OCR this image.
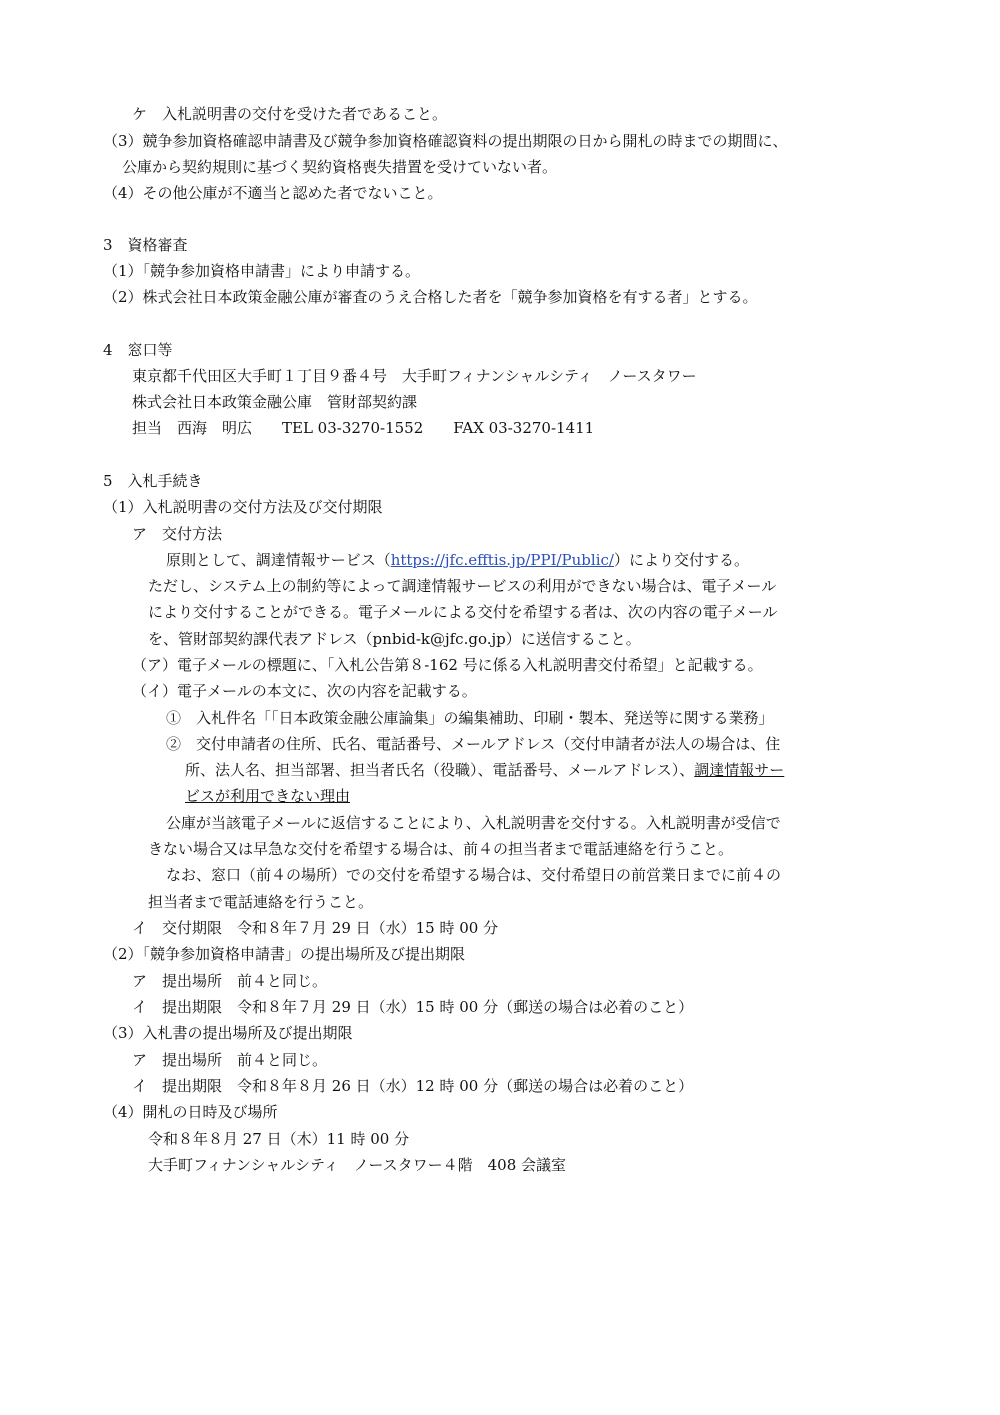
ケ　入札説明書の交付を受けた者であること。
（3）競争参加資格確認申請書及び競争参加資格確認資料の提出期限の日から開札の時までの期間に、
公庫から契約規則に基づく契約資格喪失措置を受けていない者。
（4）その他公庫が不適当と認めた者でないこと。
3　資格審査
（1）「競争参加資格申請書」により申請する。
（2）株式会社日本政策金融公庫が審査のうえ合格した者を「競争参加資格を有する者」とする。
4　窓口等
東京都千代田区大手町１丁目９番４号　大手町フィナンシャルシティ　ノースタワー
株式会社日本政策金融公庫　管財部契約課
担当　西海　明広　　TEL 03-3270-1552　　FAX 03-3270-1411
5　入札手続き
（1）入札説明書の交付方法及び交付期限
ア　交付方法
原則として、調達情報サービス（https://jfc.efftis.jp/PPI/Public/）により交付する。
ただし、システム上の制約等によって調達情報サービスの利用ができない場合は、電子メール
により交付することができる。電子メールによる交付を希望する者は、次の内容の電子メール
を、管財部契約課代表アドレス（pnbid-k@jfc.go.jp）に送信すること。
（ア）電子メールの標題に、「入札公告第８-162 号に係る入札説明書交付希望」と記載する。
（イ）電子メールの本文に、次の内容を記載する。
①　入札件名「「日本政策金融公庫論集」の編集補助、印刷・製本、発送等に関する業務」
②　交付申請者の住所、氏名、電話番号、メールアドレス（交付申請者が法人の場合は、住
所、法人名、担当部署、担当者氏名（役職）、電話番号、メールアドレス）、調達情報サー
ビスが利用できない理由
公庫が当該電子メールに返信することにより、入札説明書を交付する。入札説明書が受信で
きない場合又は早急な交付を希望する場合は、前４の担当者まで電話連絡を行うこと。
なお、窓口（前４の場所）での交付を希望する場合は、交付希望日の前営業日までに前４の
担当者まで電話連絡を行うこと。
イ　交付期限　令和８年７月 29 日（水）15 時 00 分
（2）「競争参加資格申請書」の提出場所及び提出期限
ア　提出場所　前４と同じ。
イ　提出期限　令和８年７月 29 日（水）15 時 00 分（郵送の場合は必着のこと）
（3）入札書の提出場所及び提出期限
ア　提出場所　前４と同じ。
イ　提出期限　令和８年８月 26 日（水）12 時 00 分（郵送の場合は必着のこと）
（4）開札の日時及び場所
令和８年８月 27 日（木）11 時 00 分
大手町フィナンシャルシティ　ノースタワー４階　408 会議室
